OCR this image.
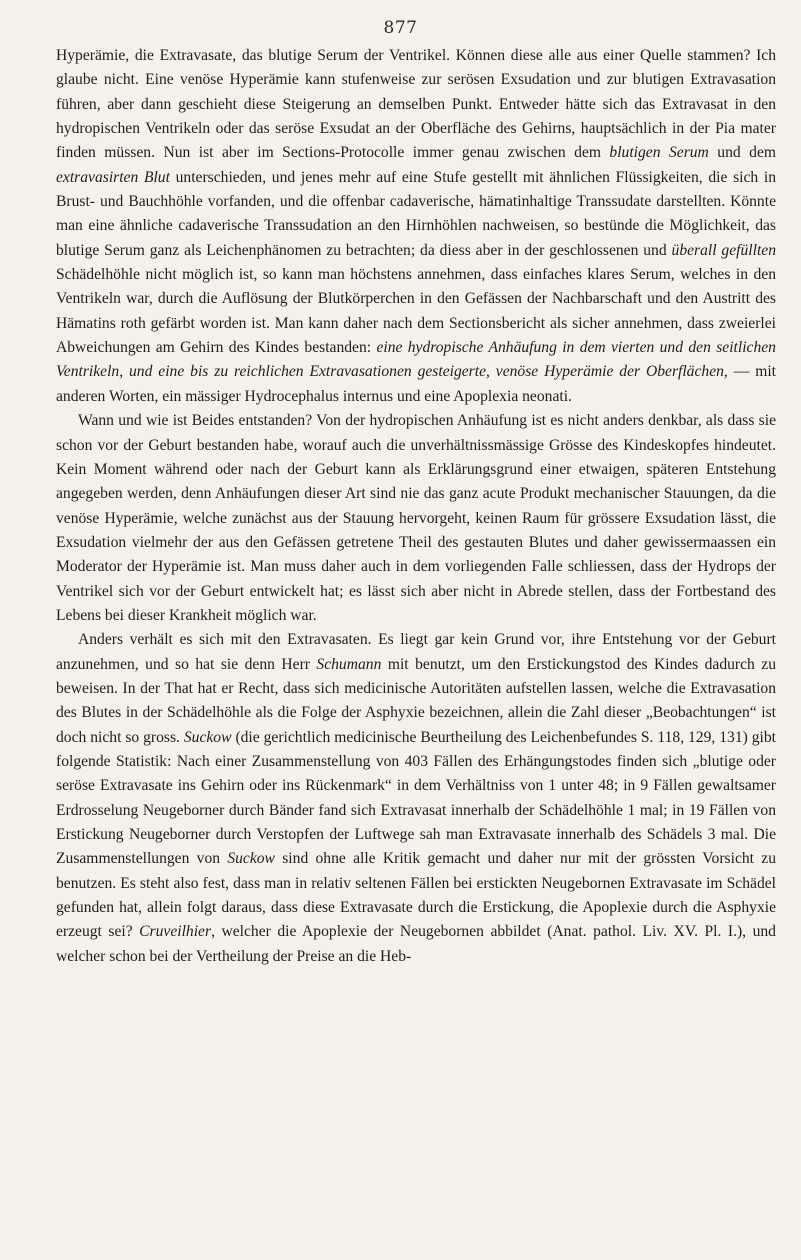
877

Hyperämie, die Extravasate, das blutige Serum der Ventrikel. Können diese alle aus einer Quelle stammen? Ich glaube nicht. Eine venöse Hyperämie kann stufenweise zur serösen Exsudation und zur blutigen Extravasation führen, aber dann geschieht diese Steigerung an demselben Punkt. Entweder hätte sich das Extravasat in den hydropischen Ventrikeln oder das seröse Exsudat an der Oberfläche des Gehirns, hauptsächlich in der Pia mater finden müssen. Nun ist aber im Sections-Protocolle immer genau zwischen dem blutigen Serum und dem extravasirten Blut unterschieden, und jenes mehr auf eine Stufe gestellt mit ähnlichen Flüssigkeiten, die sich in Brust- und Bauchhöhle vorfanden, und die offenbar cadaverische, hämatinhaltige Transsudate darstellten. Könnte man eine ähnliche cadaverische Transsudation an den Hirnhöhlen nachweisen, so bestünde die Möglichkeit, das blutige Serum ganz als Leichenphänomen zu betrachten; da diess aber in der geschlossenen und überall gefüllten Schädelhöhle nicht möglich ist, so kann man höchstens annehmen, dass einfaches klares Serum, welches in den Ventrikeln war, durch die Auflösung der Blutkörperchen in den Gefässen der Nachbarschaft und den Austritt des Hämatins roth gefärbt worden ist. Man kann daher nach dem Sectionsbericht als sicher annehmen, dass zweierlei Abweichungen am Gehirn des Kindes bestanden: eine hydropische Anhäufung in dem vierten und den seitlichen Ventrikeln, und eine bis zu reichlichen Extravasationen gesteigerte, venöse Hyperämie der Oberflächen, — mit anderen Worten, ein mässiger Hydrocephalus internus und eine Apoplexia neonati.

Wann und wie ist Beides entstanden? Von der hydropischen Anhäufung ist es nicht anders denkbar, als dass sie schon vor der Geburt bestanden habe, worauf auch die unverhältnissmässige Grösse des Kindeskopfes hindeutet. Kein Moment während oder nach der Geburt kann als Erklärungsgrund einer etwaigen, späteren Entstehung angegeben werden, denn Anhäufungen dieser Art sind nie das ganz acute Produkt mechanischer Stauungen, da die venöse Hyperämie, welche zunächst aus der Stauung hervorgeht, keinen Raum für grössere Exsudation lässt, die Exsudation vielmehr der aus den Gefässen getretene Theil des gestauten Blutes und daher gewissermaassen ein Moderator der Hyperämie ist. Man muss daher auch in dem vorliegenden Falle schliessen, dass der Hydrops der Ventrikel sich vor der Geburt entwickelt hat; es lässt sich aber nicht in Abrede stellen, dass der Fortbestand des Lebens bei dieser Krankheit möglich war.

Anders verhält es sich mit den Extravasaten. Es liegt gar kein Grund vor, ihre Entstehung vor der Geburt anzunehmen, und so hat sie denn Herr Schumann mit benutzt, um den Erstickungstod des Kindes dadurch zu beweisen. In der That hat er Recht, dass sich medicinische Autoritäten aufstellen lassen, welche die Extravasation des Blutes in der Schädelhöhle als die Folge der Asphyxie bezeichnen, allein die Zahl dieser „Beobachtungen“ ist doch nicht so gross. Suckow (die gerichtlich medicinische Beurtheilung des Leichenbefundes S. 118, 129, 131) gibt folgende Statistik: Nach einer Zusammenstellung von 403 Fällen des Erhängungstodes finden sich „blutige oder seröse Extravasate ins Gehirn oder ins Rückenmark“ in dem Verhältniss von 1 unter 48; in 9 Fällen gewaltsamer Erdrosselung Neugeborner durch Bänder fand sich Extravasat innerhalb der Schädelhöhle 1 mal; in 19 Fällen von Erstickung Neugeborner durch Verstopfen der Luftwege sah man Extravasate innerhalb des Schädels 3 mal. Die Zusammenstellungen von Suckow sind ohne alle Kritik gemacht und daher nur mit der grössten Vorsicht zu benutzen. Es steht also fest, dass man in relativ seltenen Fällen bei erstickten Neugebornen Extravasate im Schädel gefunden hat, allein folgt daraus, dass diese Extravasate durch die Erstickung, die Apoplexie durch die Asphyxie erzeugt sei? Cruveilhier, welcher die Apoplexie der Neugebornen abbildet (Anat. pathol. Liv. XV. Pl. I.), und welcher schon bei der Vertheilung der Preise an die Heb-
